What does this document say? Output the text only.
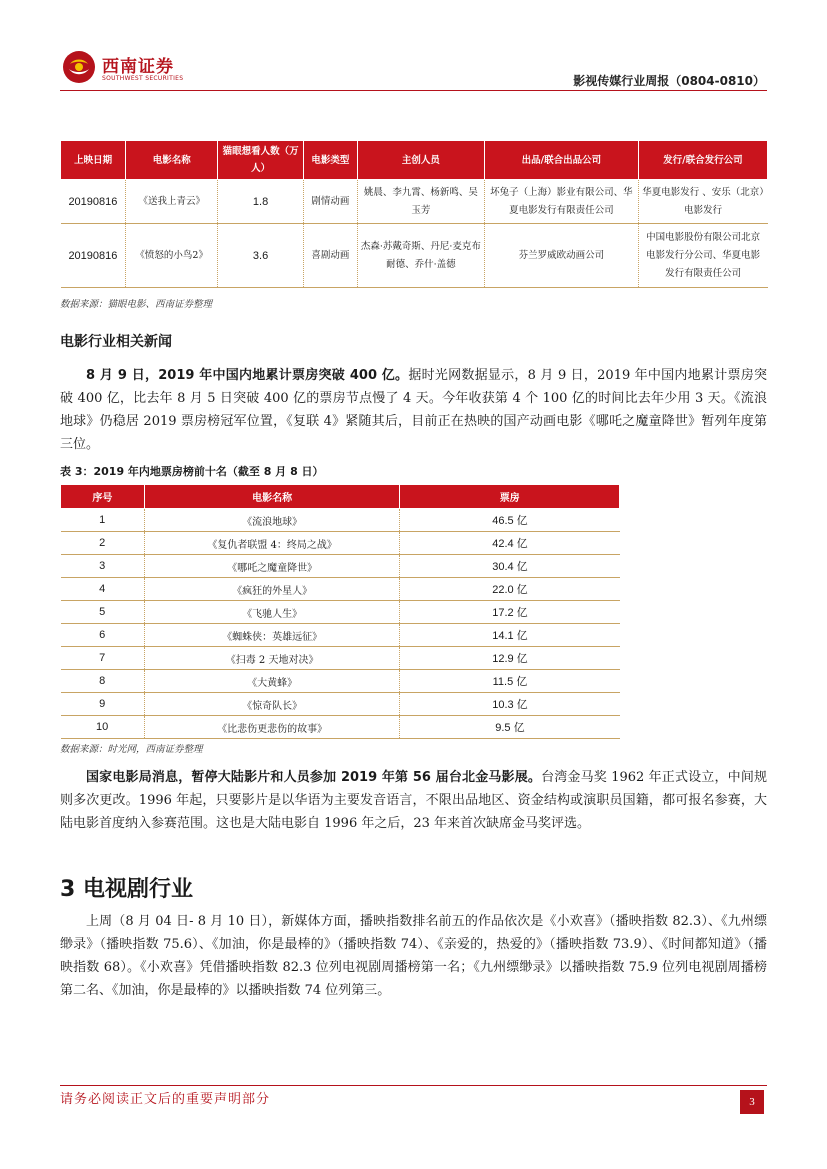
西南证券
SOUTHWEST SECURITIES	影视传媒行业周报（0804-0810）
上映日期	电影名称	猫眼想看人数（万人）	电影类型	主创人员	出品/联合出品公司	发行/联合发行公司
20190816	《送我上青云》	1.8	剧情动画	姚晨、李九霄、杨新鸣、吴玉芳	坏兔子（上海）影业有限公司、华夏电影发行有限责任公司	华夏电影发行 、安乐（北京）电影发行
20190816	《愤怒的小鸟2》	3.6	喜剧动画	杰森·苏戴奇斯、丹尼·麦克布耐德、乔什·盖德	芬兰罗威欧动画公司	中国电影股份有限公司北京电影发行分公司、华夏电影发行有限责任公司
数据来源：猫眼电影、西南证券整理
电影行业相关新闻
8 月 9 日，2019 年中国内地累计票房突破 400 亿。据时光网数据显示，8 月 9 日，2019 年中国内地累计票房突破 400 亿，比去年 8 月 5 日突破 400 亿的票房节点慢了 4 天。今年收获第 4 个 100 亿的时间比去年少用 3 天。《流浪地球》仍稳居 2019 票房榜冠军位置，《复联 4》紧随其后，目前正在热映的国产动画电影《哪吒之魔童降世》暂列年度第三位。
表 3：2019 年内地票房榜前十名（截至 8 月 8 日）
序号	电影名称	票房
1	《流浪地球》	46.5 亿
2	《复仇者联盟 4：终局之战》	42.4 亿
3	《哪吒之魔童降世》	30.4 亿
4	《疯狂的外星人》	22.0 亿
5	《飞驰人生》	17.2 亿
6	《蜘蛛侠：英雄远征》	14.1 亿
7	《扫毒 2 天地对决》	12.9 亿
8	《大黄蜂》	11.5 亿
9	《惊奇队长》	10.3 亿
10	《比悲伤更悲伤的故事》	9.5 亿
数据来源：时光网，西南证券整理
国家电影局消息，暂停大陆影片和人员参加 2019 年第 56 届台北金马影展。台湾金马奖 1962 年正式设立，中间规则多次更改。1996 年起，只要影片是以华语为主要发音语言，不限出品地区、资金结构或演职员国籍，都可报名参赛，大陆电影首度纳入参赛范围。这也是大陆电影自 1996 年之后，23 年来首次缺席金马奖评选。
3 电视剧行业
上周（8 月 04 日- 8 月 10 日），新媒体方面，播映指数排名前五的作品依次是《小欢喜》（播映指数 82.3）、《九州缥缈录》（播映指数 75.6）、《加油，你是最棒的》（播映指数 74）、《亲爱的，热爱的》（播映指数 73.9）、《时间都知道》（播映指数 68）。《小欢喜》凭借播映指数 82.3 位列电视剧周播榜第一名；《九州缥缈录》以播映指数 75.9 位列电视剧周播榜第二名、《加油，你是最棒的》以播映指数 74 位列第三。
请务必阅读正文后的重要声明部分	3
